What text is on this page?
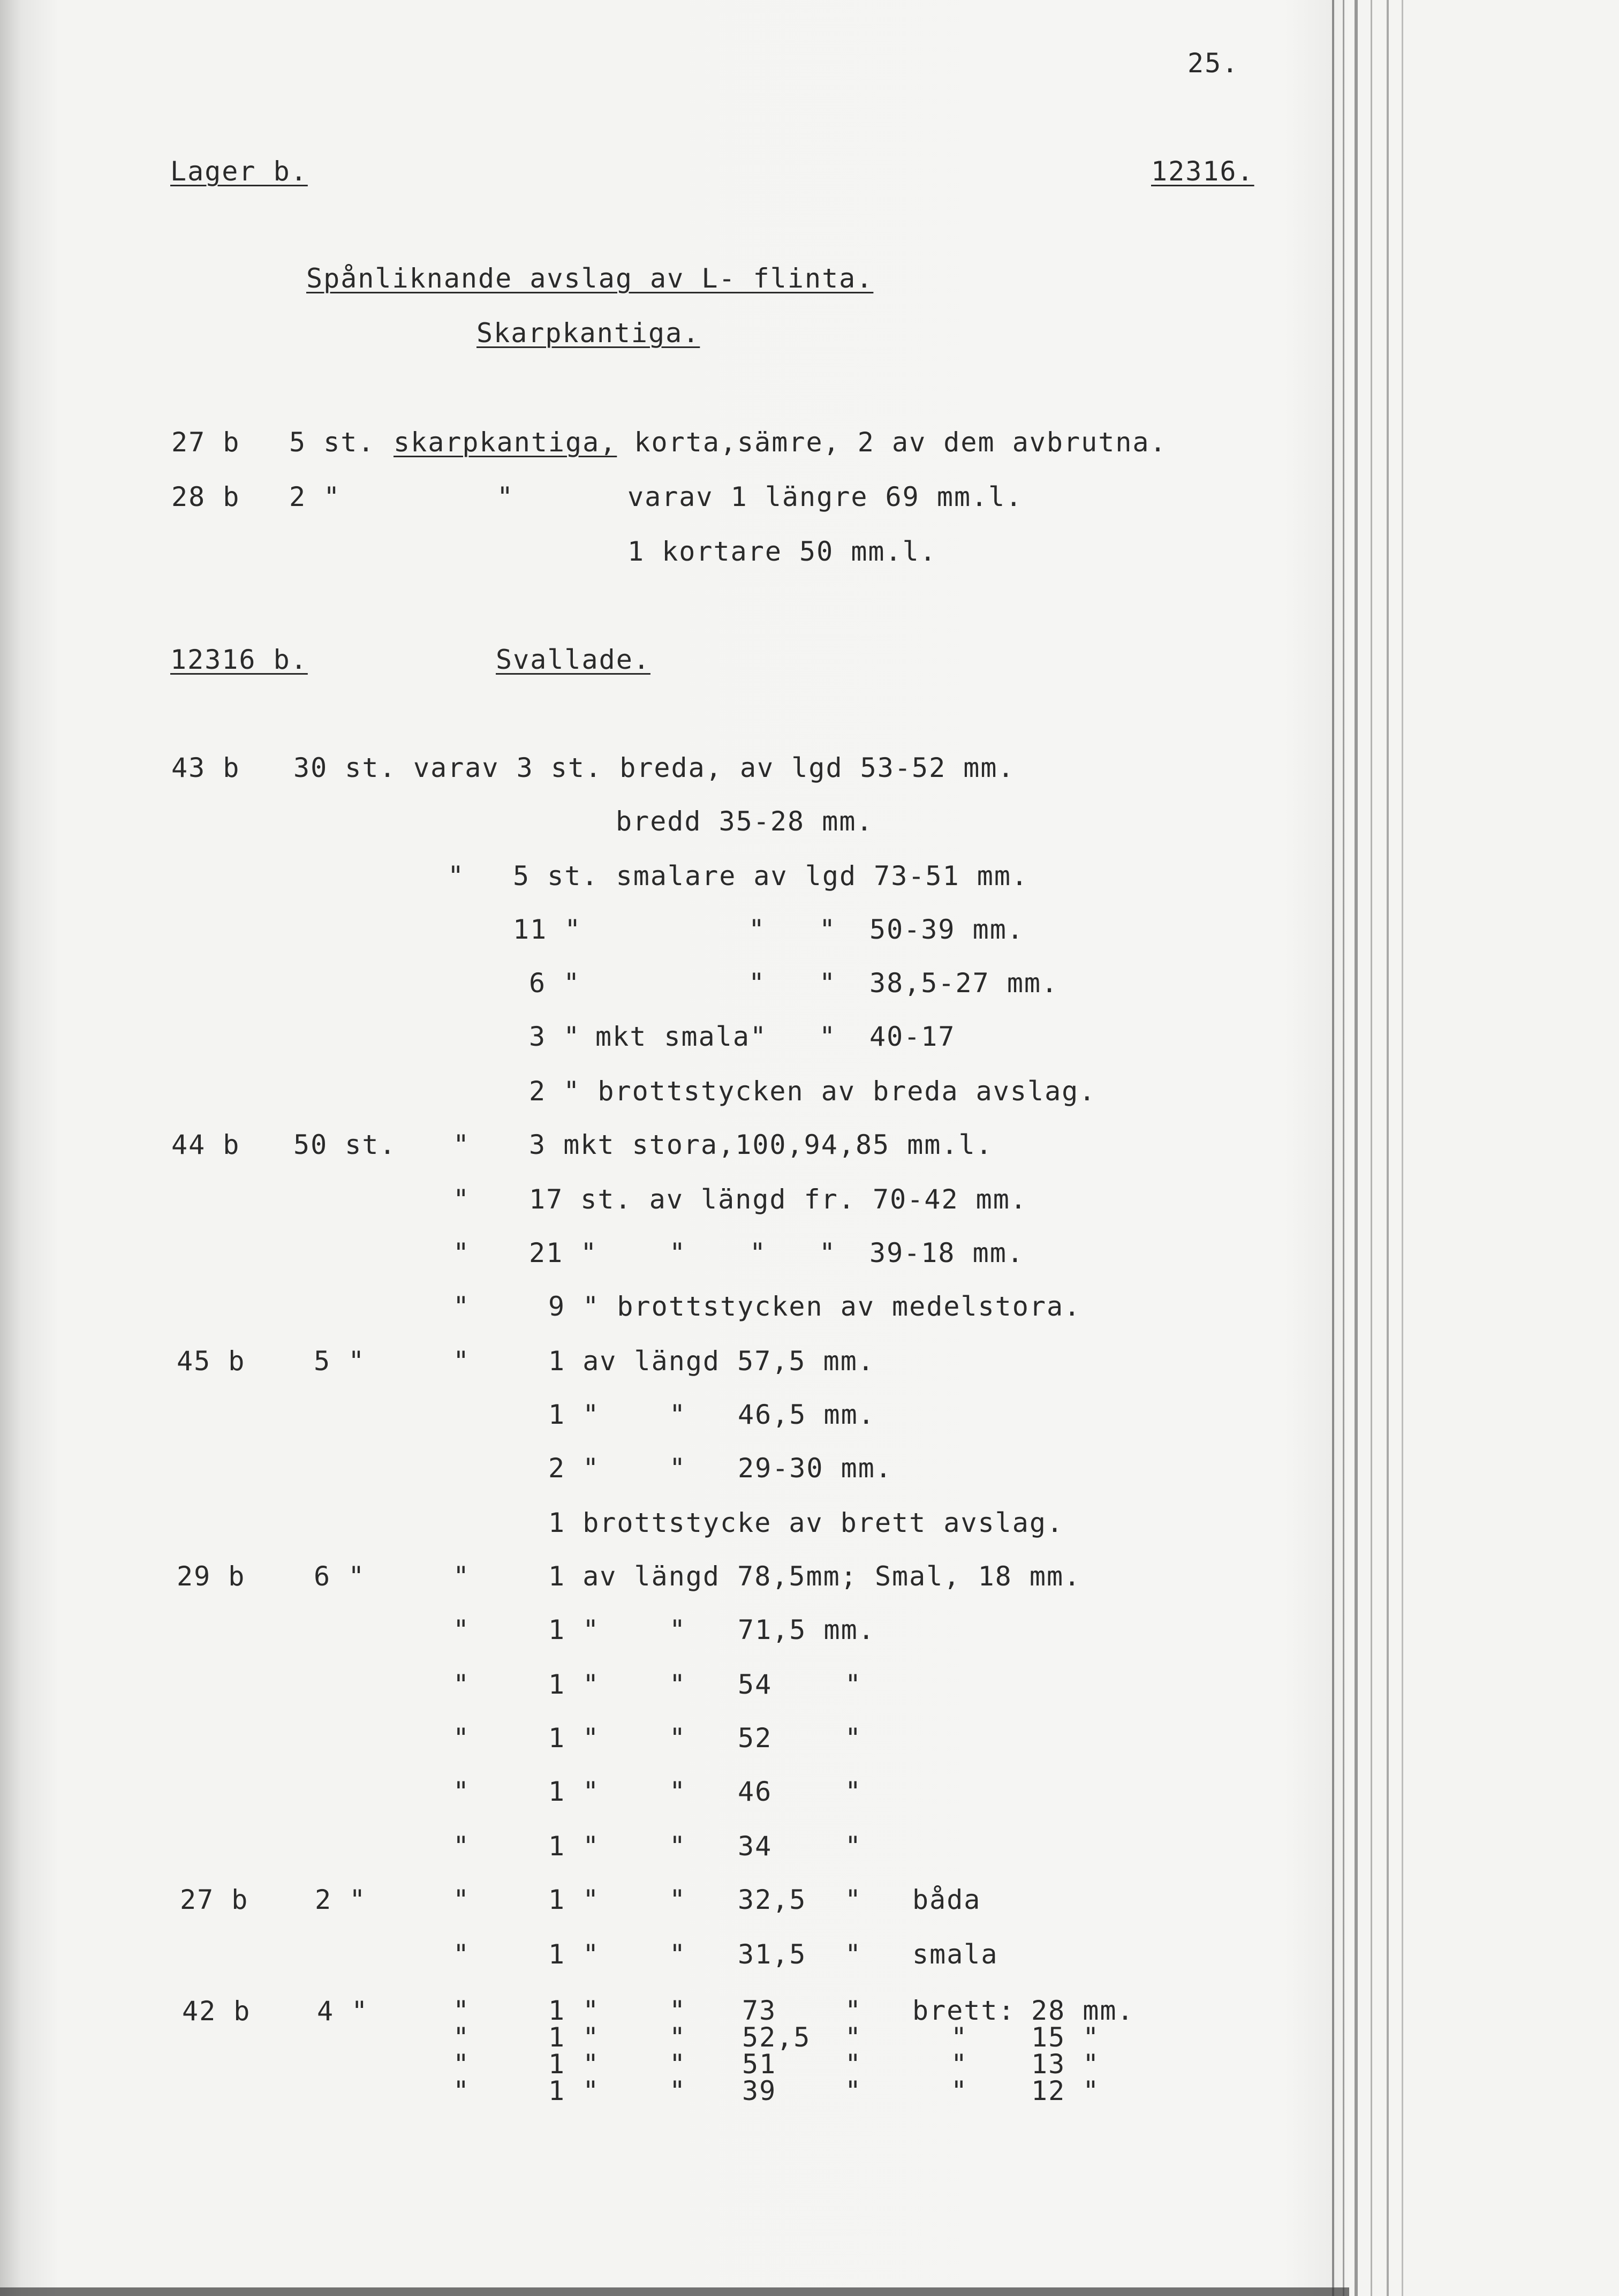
25.
Lager b.	12316.
Spånliknande avslag av L- flinta.
Skarpkantiga.
27 b 5 st. skarpkantiga, korta,sämre, 2 av dem avbrutna.
28 b 2 "	"	varav 1 längre 69 mm.l.
1 kortare 50 mm.l.
12316 b.	Svallade.
43 b 30 st. varav 3 st. breda, av lgd 53-52 mm.
bredd 35-28 mm.
" 5 st. smalare av lgd 73-51 mm.
11 "	" " 50-39 mm.
6 "	" " 38,5-27 mm.
3 " mkt smala" " 40-17
2 " brottstycken av breda avslag.
44 b 50 st. " 3 mkt stora,100,94,85 mm.l.
" 17 st. av längd fr. 70-42 mm.
" 21 "	" " " 39-18 mm.
"	9 " brottstycken av medelstora.
45 b	5 "	"	1 av längd 57,5 mm.
1 "	" 46,5 mm.
2 "	" 29-30 mm.
1 brottstycke av brett avslag.
29 b	6 "	"	1 av längd 78,5mm; Smal, 18 mm.
"	1 "	" 71,5 mm.
"	1 "	" 54	"
"	1 "	" 52	"
"	1 "	" 46	"
"	1 "	" 34	"
27 b 2 "	"	1 "	" 32,5 " båda
"	1 "	" 31,5 " smala
42 b 4 "	"	1 "	" 73	" brett: 28 mm.
"	1 "	" 52,5 "	" 15 "
"	1 "	" 51	"	" 13 "
"	1 "	" 39	"	" 12 "
